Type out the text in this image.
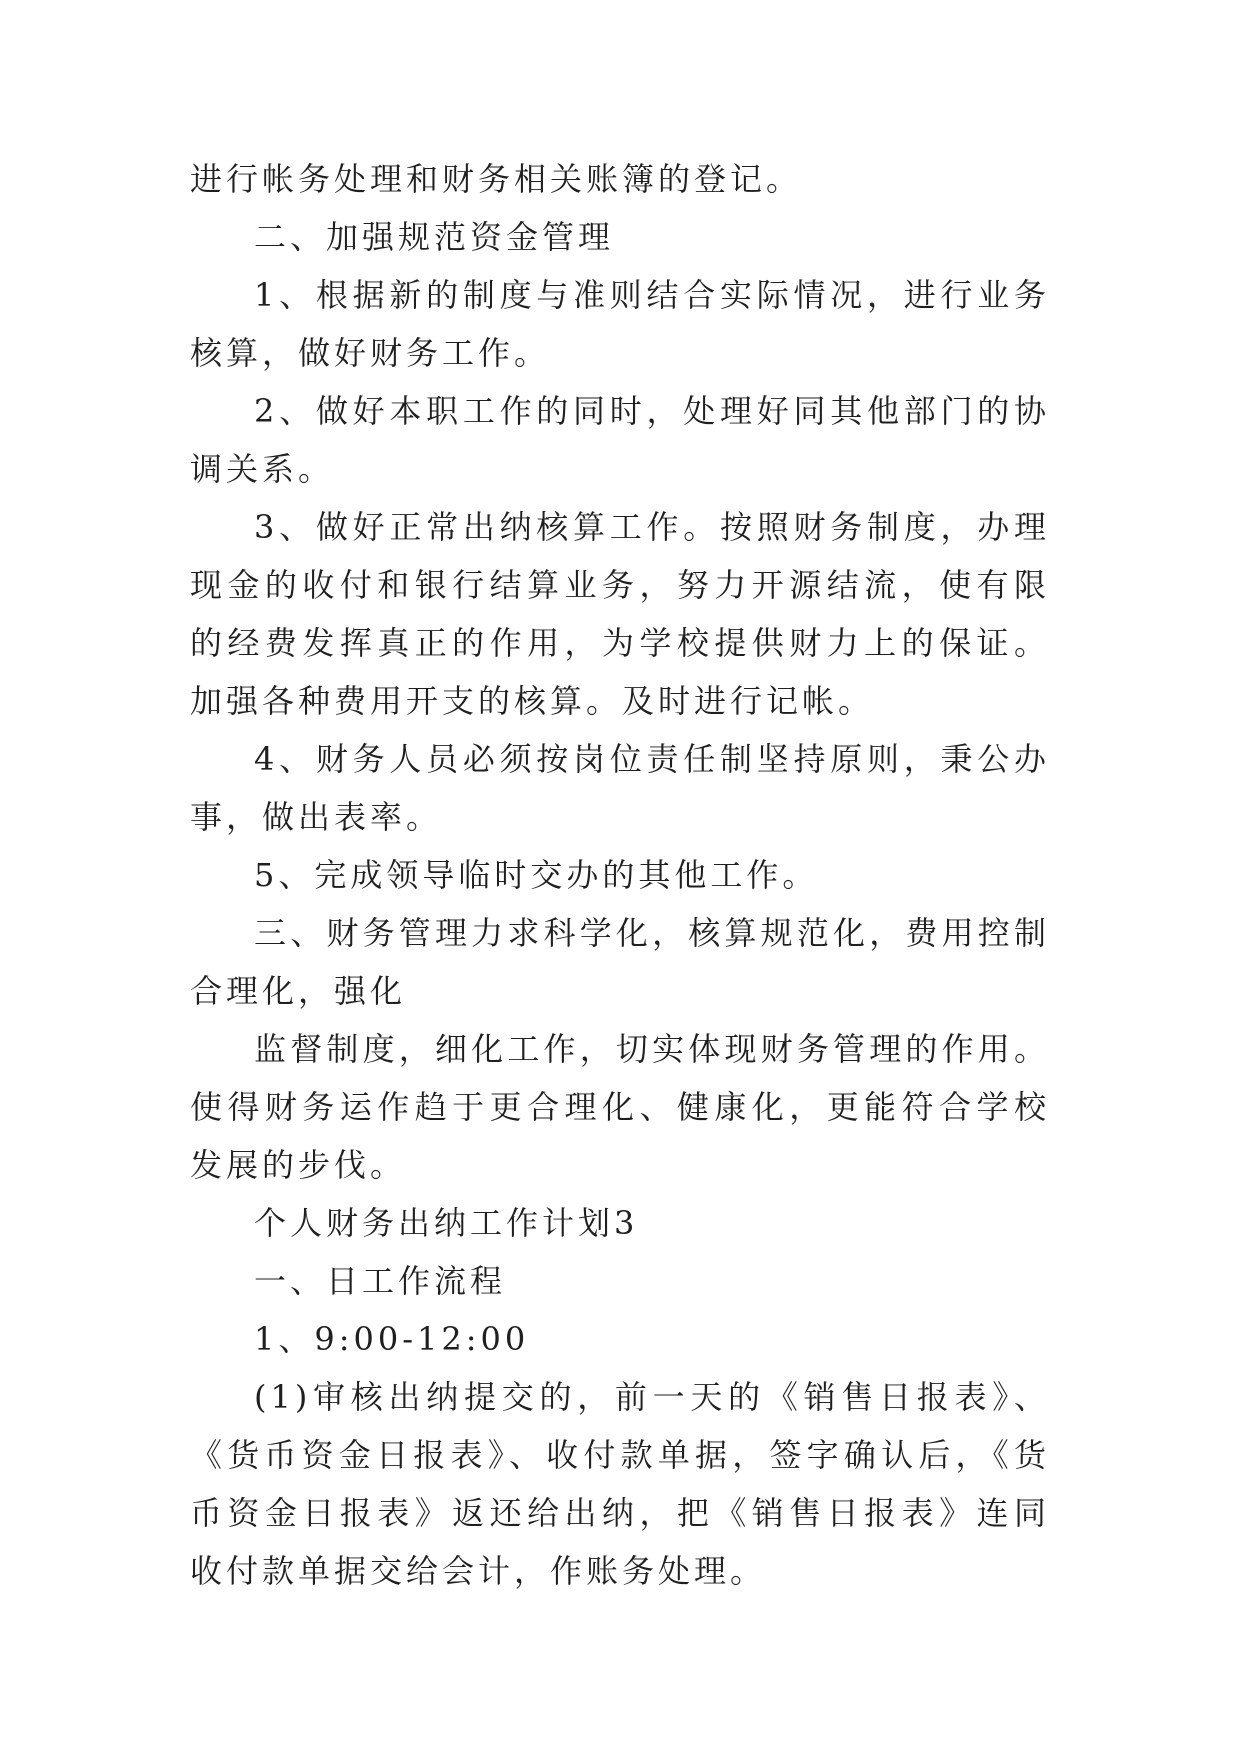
进行帐务处理和财务相关账簿的登记。

二、加强规范资金管理

1、根据新的制度与准则结合实际情况，进行业务核算，做好财务工作。

2、做好本职工作的同时，处理好同其他部门的协调关系。

3、做好正常出纳核算工作。按照财务制度，办理现金的收付和银行结算业务，努力开源结流，使有限的经费发挥真正的作用，为学校提供财力上的保证。加强各种费用开支的核算。及时进行记帐。

4、财务人员必须按岗位责任制坚持原则，秉公办事，做出表率。

5、完成领导临时交办的其他工作。

三、财务管理力求科学化，核算规范化，费用控制合理化，强化

监督制度，细化工作，切实体现财务管理的作用。使得财务运作趋于更合理化、健康化，更能符合学校发展的步伐。

个人财务出纳工作计划3

一、日工作流程

1、9:00-12:00

(1)审核出纳提交的，前一天的《销售日报表》、《货币资金日报表》、收付款单据，签字确认后，《货币资金日报表》返还给出纳，把《销售日报表》连同收付款单据交给会计，作账务处理。
